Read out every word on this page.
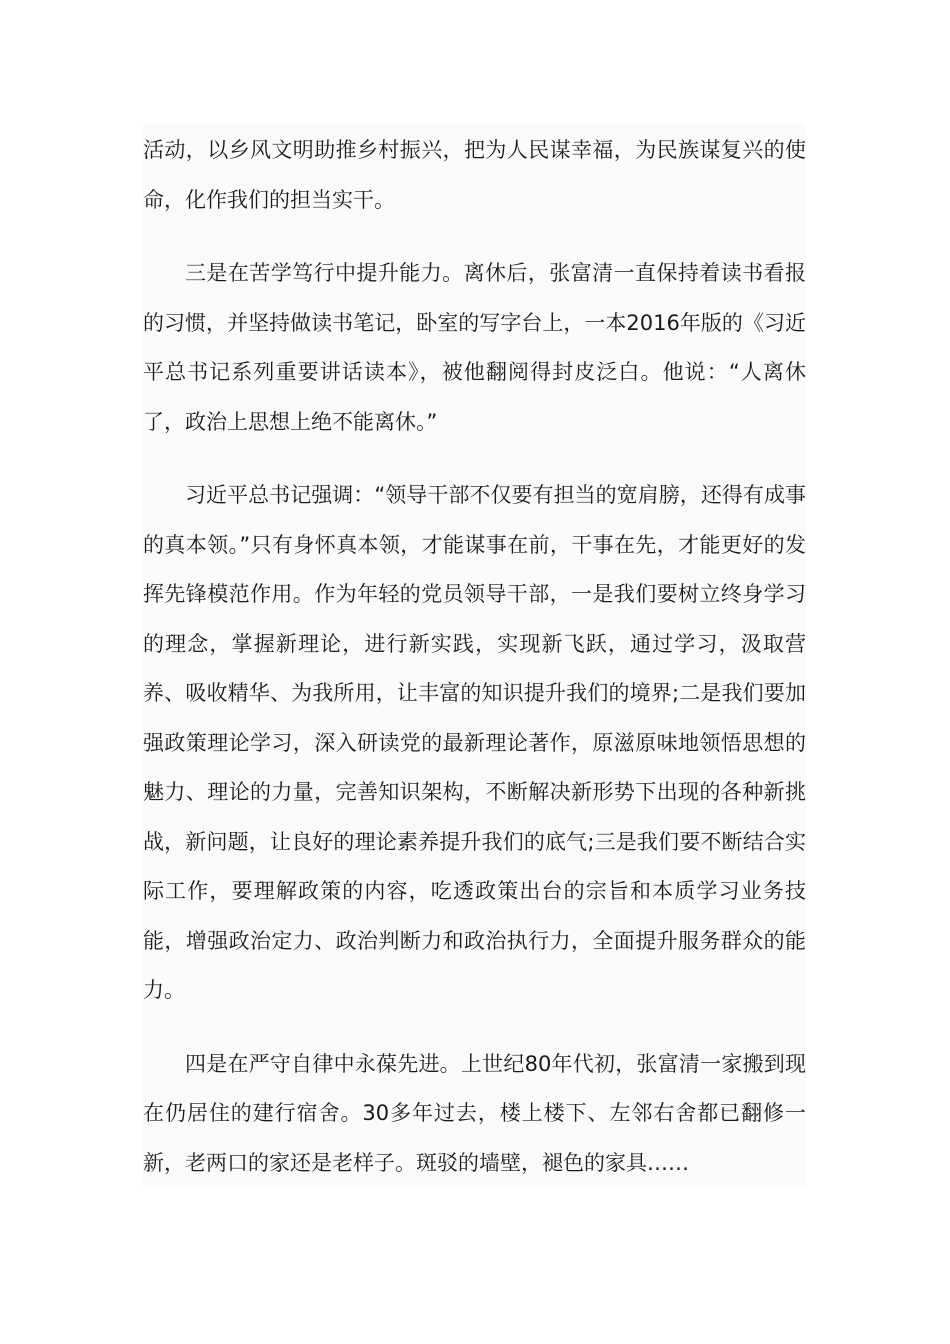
活动，以乡风文明助推乡村振兴，把为人民谋幸福，为民族谋复兴的使命，化作我们的担当实干。

三是在苦学笃行中提升能力。离休后，张富清一直保持着读书看报的习惯，并坚持做读书笔记，卧室的写字台上，一本2016年版的《习近平总书记系列重要讲话读本》，被他翻阅得封皮泛白。他说：“人离休了，政治上思想上绝不能离休。”

习近平总书记强调：“领导干部不仅要有担当的宽肩膀，还得有成事的真本领。”只有身怀真本领，才能谋事在前，干事在先，才能更好的发挥先锋模范作用。作为年轻的党员领导干部，一是我们要树立终身学习的理念，掌握新理论，进行新实践，实现新飞跃，通过学习，汲取营养、吸收精华、为我所用，让丰富的知识提升我们的境界;二是我们要加强政策理论学习，深入研读党的最新理论著作，原滋原味地领悟思想的魅力、理论的力量，完善知识架构，不断解决新形势下出现的各种新挑战，新问题，让良好的理论素养提升我们的底气;三是我们要不断结合实际工作，要理解政策的内容，吃透政策出台的宗旨和本质学习业务技能，增强政治定力、政治判断力和政治执行力，全面提升服务群众的能力。

四是在严守自律中永葆先进。上世纪80年代初，张富清一家搬到现在仍居住的建行宿舍。30多年过去，楼上楼下、左邻右舍都已翻修一新，老两口的家还是老样子。斑驳的墙壁，褪色的家具……
